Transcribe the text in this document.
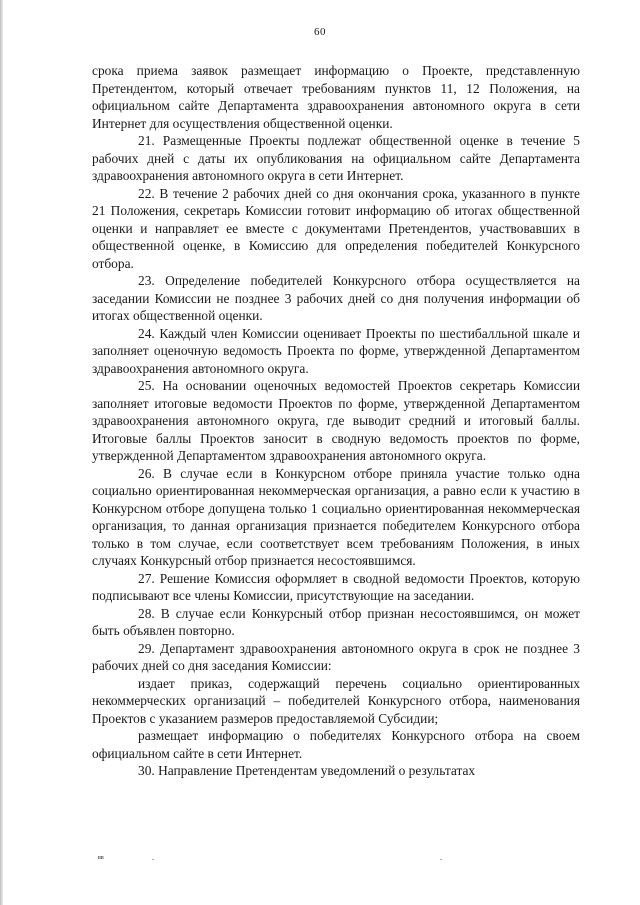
60

срока приема заявок размещает информацию о Проекте, представленную Претендентом, который отвечает требованиям пунктов 11, 12 Положения, на официальном сайте Департамента здравоохранения автономного округа в сети Интернет для осуществления общественной оценки.

21. Размещенные Проекты подлежат общественной оценке в течение 5 рабочих дней с даты их опубликования на официальном сайте Департамента здравоохранения автономного округа в сети Интернет.

22. В течение 2 рабочих дней со дня окончания срока, указанного в пункте 21 Положения, секретарь Комиссии готовит информацию об итогах общественной оценки и направляет ее вместе с документами Претендентов, участвовавших в общественной оценке, в Комиссию для определения победителей Конкурсного отбора.

23. Определение победителей Конкурсного отбора осуществляется на заседании Комиссии не позднее 3 рабочих дней со дня получения информации об итогах общественной оценки.

24. Каждый член Комиссии оценивает Проекты по шестибалльной шкале и заполняет оценочную ведомость Проекта по форме, утвержденной Департаментом здравоохранения автономного округа.

25. На основании оценочных ведомостей Проектов секретарь Комиссии заполняет итоговые ведомости Проектов по форме, утвержденной Департаментом здравоохранения автономного округа, где выводит средний и итоговый баллы. Итоговые баллы Проектов заносит в сводную ведомость проектов по форме, утвержденной Департаментом здравоохранения автономного округа.

26. В случае если в Конкурсном отборе приняла участие только одна социально ориентированная некоммерческая организация, а равно если к участию в Конкурсном отборе допущена только 1 социально ориентированная некоммерческая организация, то данная организация признается победителем Конкурсного отбора только в том случае, если соответствует всем требованиям Положения, в иных случаях Конкурсный отбор признается несостоявшимся.

27. Решение Комиссия оформляет в сводной ведомости Проектов, которую подписывают все члены Комиссии, присутствующие на заседании.

28. В случае если Конкурсный отбор признан несостоявшимся, он может быть объявлен повторно.

29. Департамент здравоохранения автономного округа в срок не позднее 3 рабочих дней со дня заседания Комиссии:

издает приказ, содержащий перечень социально ориентированных некоммерческих организаций – победителей Конкурсного отбора, наименования Проектов с указанием размеров предоставляемой Субсидии;

размещает информацию о победителях Конкурсного отбора на своем официальном сайте в сети Интернет.

30. Направление Претендентам уведомлений о результатах

вв	.	.
